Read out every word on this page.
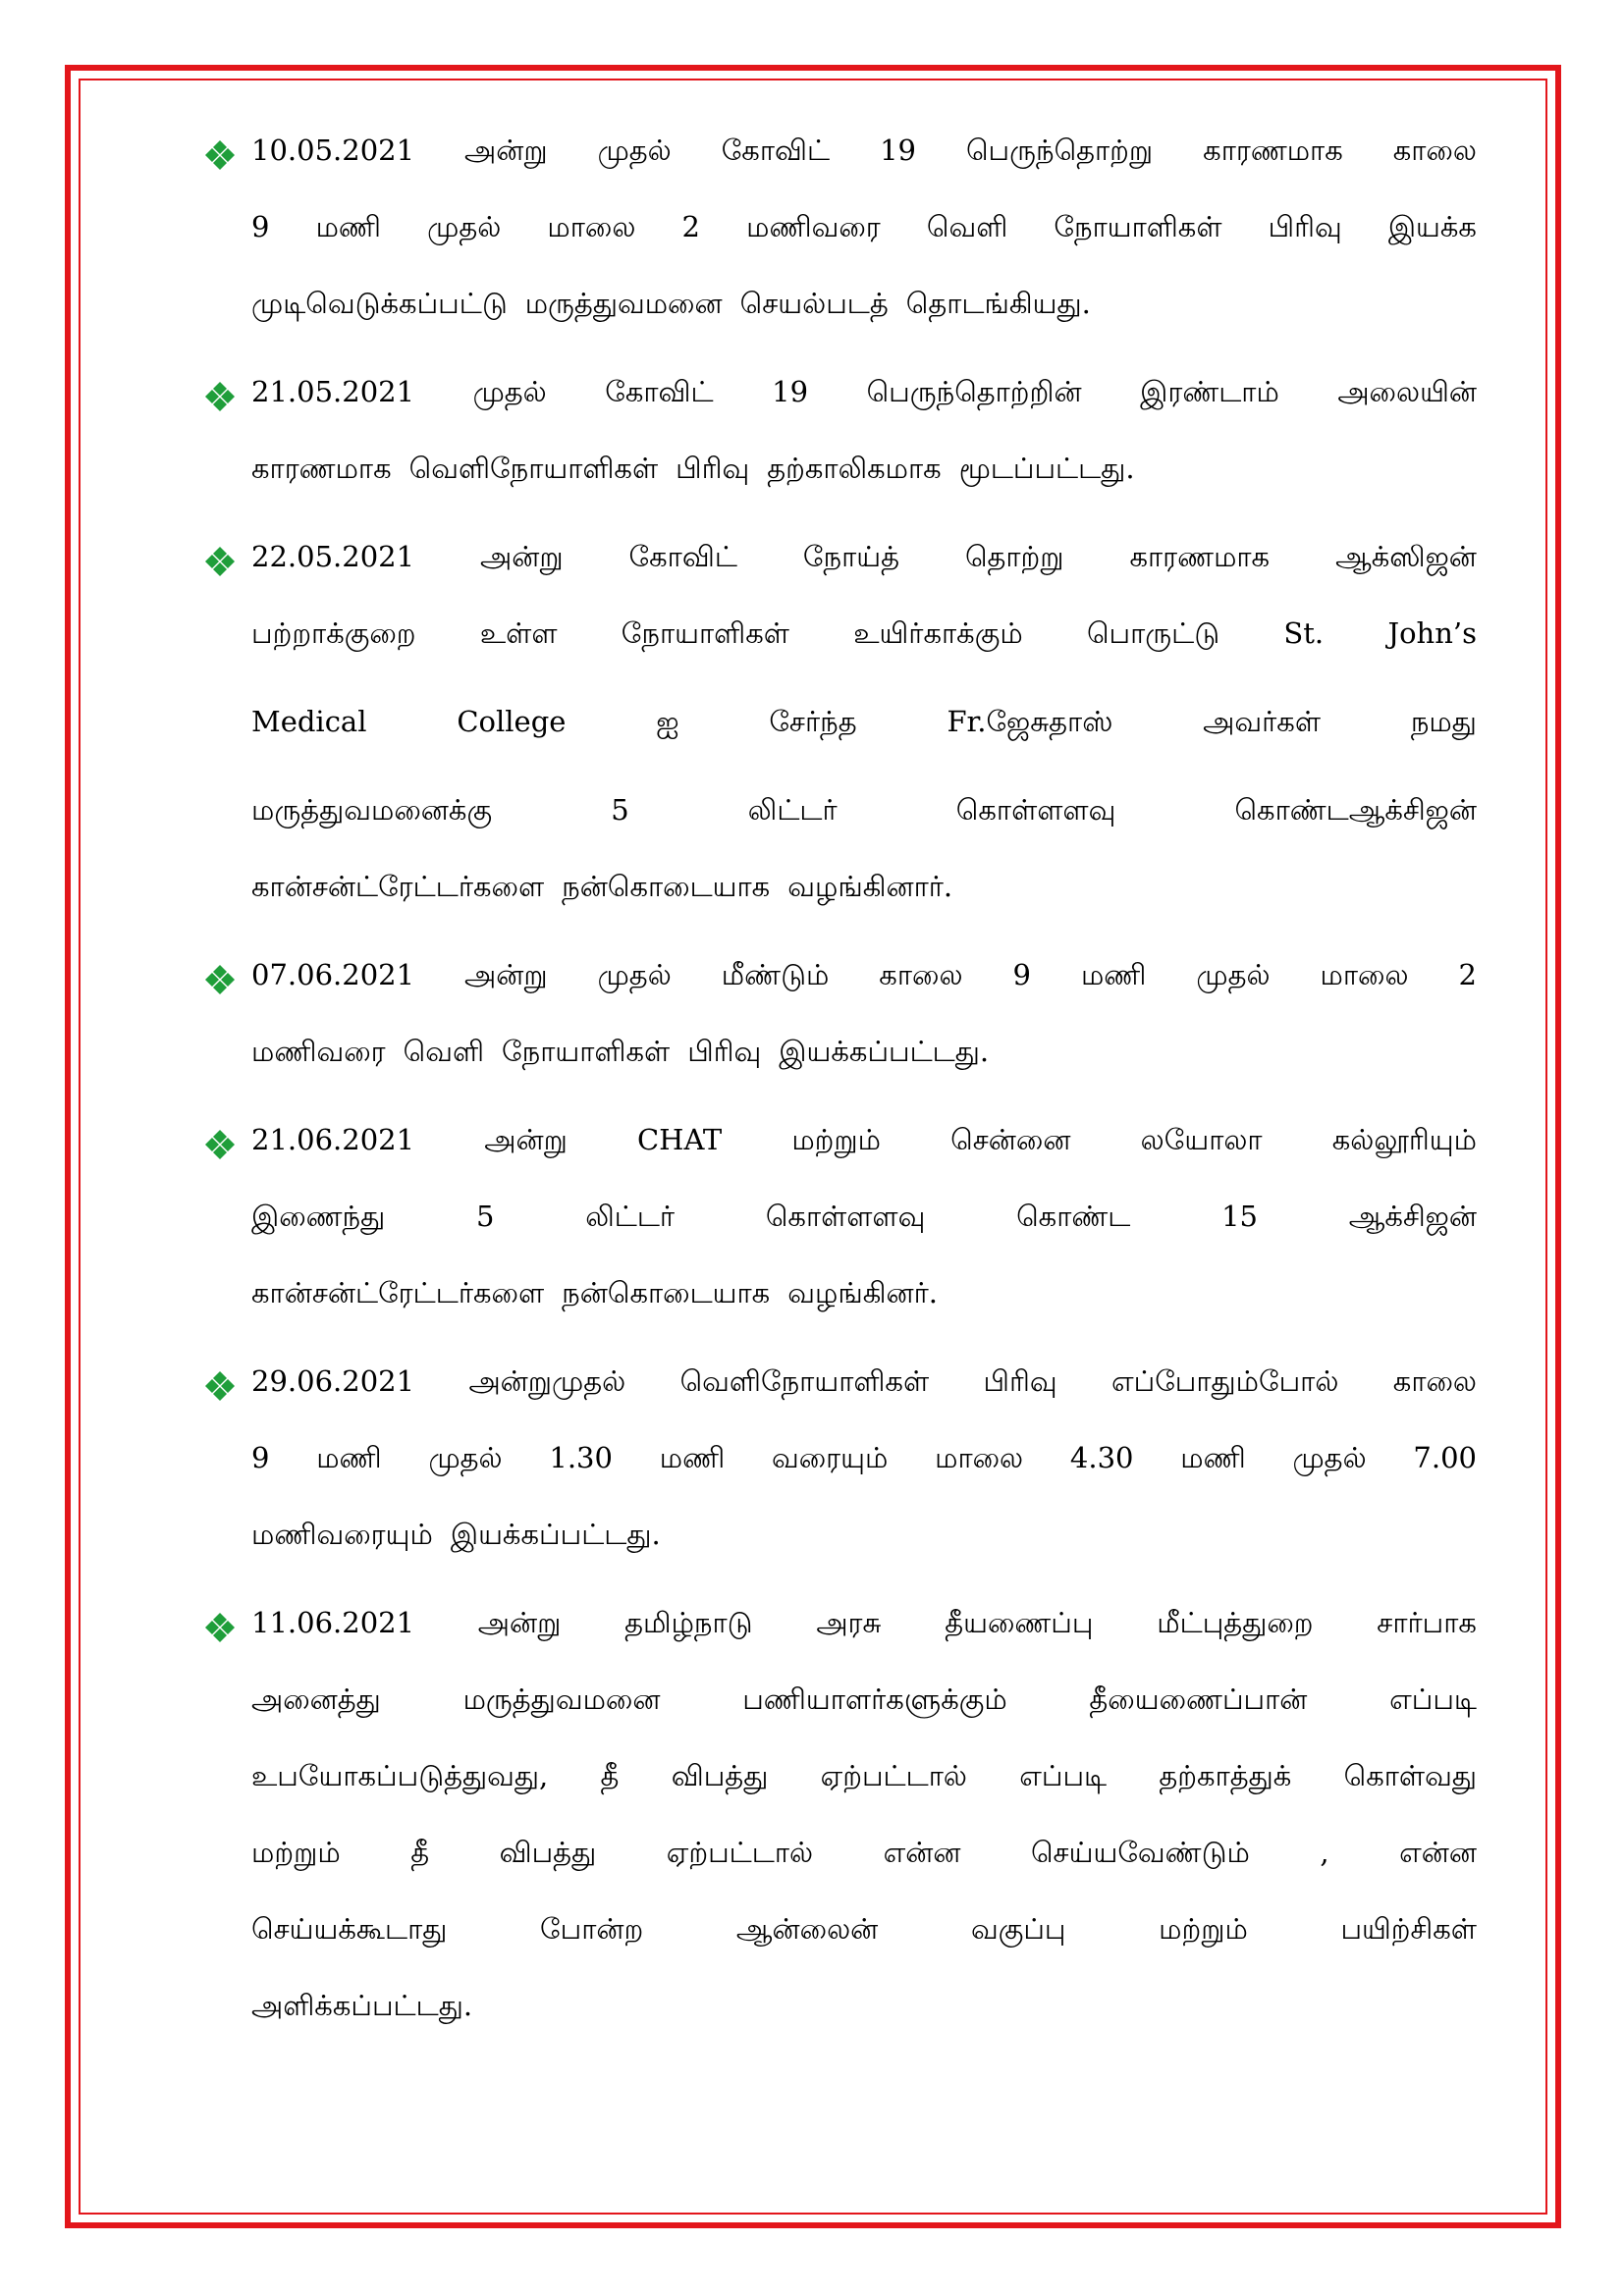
10.05.2021 அன்று முதல் கோவிட் 19 பெருந்தொற்று காரணமாக காலை
9 மணி முதல் மாலை 2 மணிவரை வெளி நோயாளிகள் பிரிவு இயக்க
முடிவெடுக்கப்பட்டு மருத்துவமனை செயல்படத் தொடங்கியது.
21.05.2021 முதல் கோவிட் 19 பெருந்தொற்றின் இரண்டாம் அலையின்
காரணமாக வெளிநோயாளிகள் பிரிவு தற்காலிகமாக மூடப்பட்டது.
22.05.2021 அன்று கோவிட் நோய்த் தொற்று காரணமாக ஆக்ஸிஜன்
பற்றாக்குறை உள்ள நோயாளிகள் உயிர்காக்கும் பொருட்டு St. John’s
Medical	College	ஐ	சேர்ந்த	Fr.ஜேசுதாஸ்	அவர்கள்	நமது
மருத்துவமனைக்கு	5	லிட்டர்	கொள்ளளவு	கொண்டஆக்சிஜன்
கான்சன்ட்ரேட்டர்களை நன்கொடையாக வழங்கினார்.
07.06.2021 அன்று முதல் மீண்டும் காலை 9 மணி முதல் மாலை 2
மணிவரை வெளி நோயாளிகள் பிரிவு இயக்கப்பட்டது.
21.06.2021 அன்று CHAT மற்றும் சென்னை லயோலா கல்லூரியும்
இணைந்து	5	லிட்டர்	கொள்ளளவு	கொண்ட	15	ஆக்சிஜன்
கான்சன்ட்ரேட்டர்களை நன்கொடையாக வழங்கினர்.
29.06.2021 அன்றுமுதல் வெளிநோயாளிகள் பிரிவு எப்போதும்போல் காலை
9 மணி முதல் 1.30 மணி வரையும் மாலை 4.30 மணி முதல் 7.00
மணிவரையும் இயக்கப்பட்டது.
11.06.2021 அன்று தமிழ்நாடு அரசு தீயணைப்பு மீட்புத்துறை சார்பாக
அனைத்து	மருத்துவமனை	பணியாளர்களுக்கும்	தீயைணைப்பான்	எப்படி
உபயோகப்படுத்துவது, தீ விபத்து ஏற்பட்டால் எப்படி தற்காத்துக் கொள்வது
மற்றும் தீ விபத்து ஏற்பட்டால் என்ன செய்யவேண்டும் , என்ன
செய்யக்கூடாது	போன்ற	ஆன்லைன்	வகுப்பு	மற்றும்	பயிற்சிகள்
அளிக்கப்பட்டது.
